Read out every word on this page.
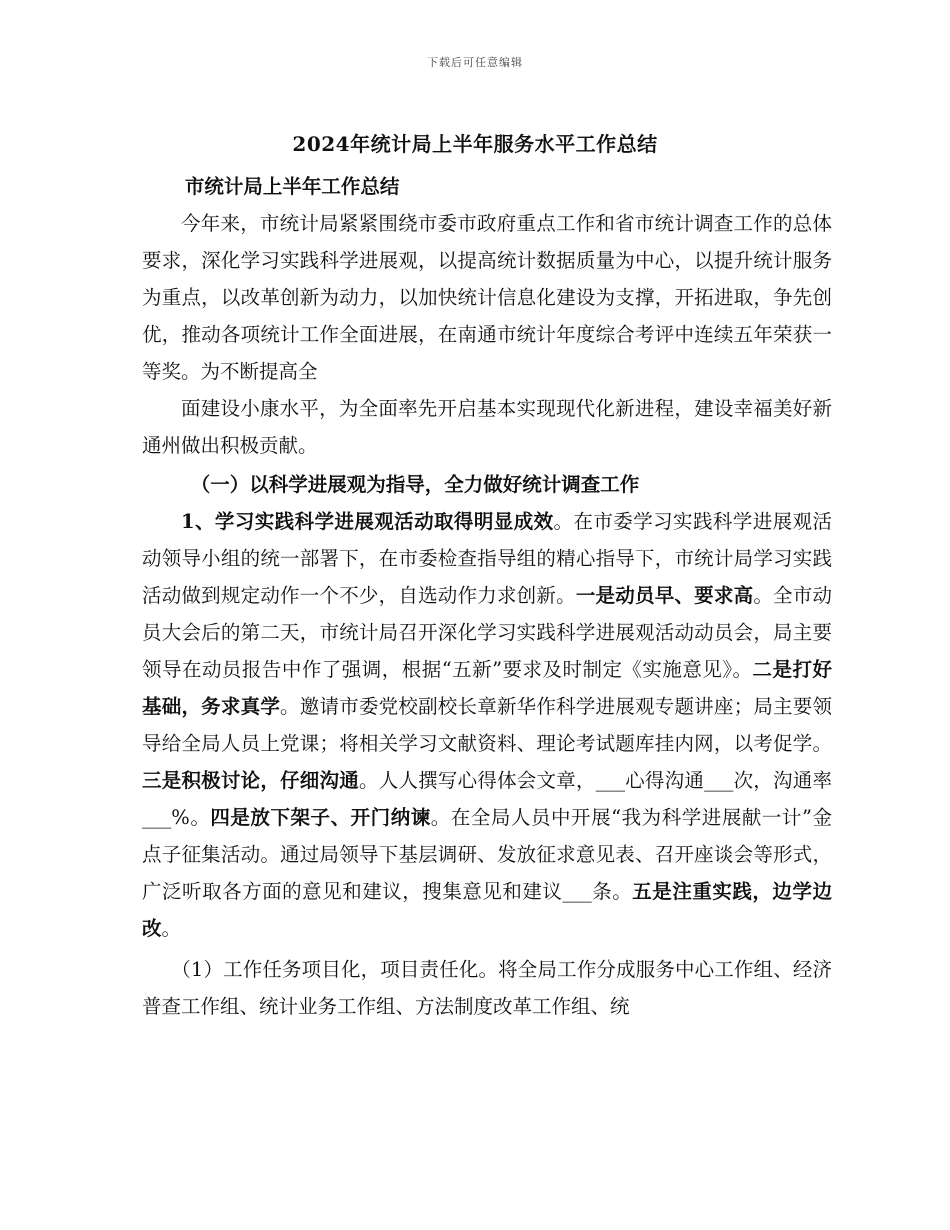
下载后可任意编辑
2024年统计局上半年服务水平工作总结

市统计局上半年工作总结

今年来，市统计局紧紧围绕市委市政府重点工作和省市统计调查工作的总体要求，深化学习实践科学进展观，以提高统计数据质量为中心，以提升统计服务为重点，以改革创新为动力，以加快统计信息化建设为支撑，开拓进取，争先创优，推动各项统计工作全面进展，在南通市统计年度综合考评中连续五年荣获一等奖。为不断提高全

面建设小康水平，为全面率先开启基本实现现代化新进程，建设幸福美好新通州做出积极贡献。

（一）以科学进展观为指导，全力做好统计调查工作

1、学习实践科学进展观活动取得明显成效。在市委学习实践科学进展观活动领导小组的统一部署下，在市委检查指导组的精心指导下，市统计局学习实践活动做到规定动作一个不少，自选动作力求创新。一是动员早、要求高。全市动员大会后的第二天，市统计局召开深化学习实践科学进展观活动动员会，局主要领导在动员报告中作了强调，根据“五新”要求及时制定《实施意见》。二是打好基础，务求真学。邀请市委党校副校长章新华作科学进展观专题讲座；局主要领导给全局人员上党课；将相关学习文献资料、理论考试题库挂内网，以考促学。三是积极讨论，仔细沟通。人人撰写心得体会文章，___心得沟通___次，沟通率___%。四是放下架子、开门纳谏。在全局人员中开展“我为科学进展献一计”金点子征集活动。通过局领导下基层调研、发放征求意见表、召开座谈会等形式，广泛听取各方面的意见和建议，搜集意见和建议___条。五是注重实践，边学边改。

（1）工作任务项目化，项目责任化。将全局工作分成服务中心工作组、经济普查工作组、统计业务工作组、方法制度改革工作组、统
